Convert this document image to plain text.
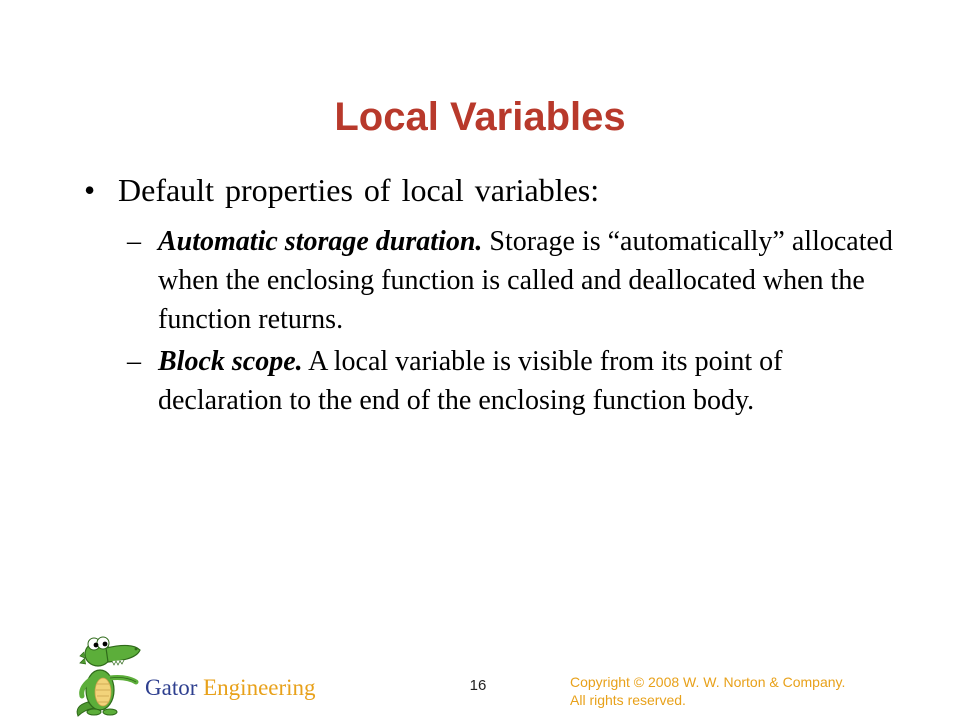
Local Variables
• Default properties of local variables:
– Automatic storage duration. Storage is “automatically” allocated when the enclosing function is called and deallocated when the function returns.
– Block scope. A local variable is visible from its point of declaration to the end of the enclosing function body.
Gator Engineering	16	Copyright © 2008 W. W. Norton & Company.
All rights reserved.
